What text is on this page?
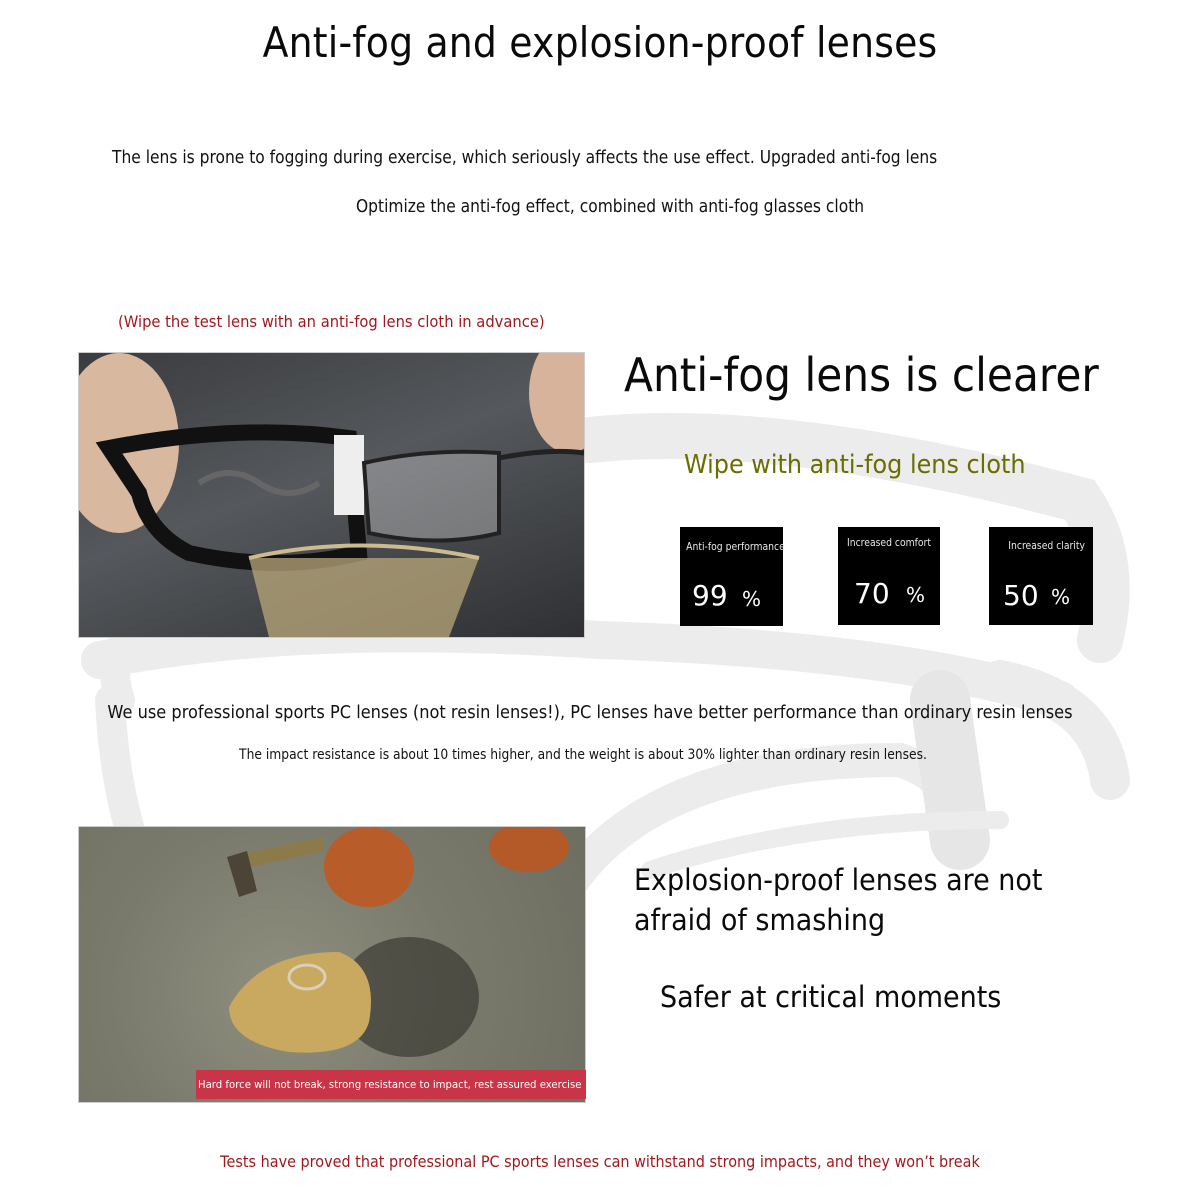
Anti-fog and explosion-proof lenses
The lens is prone to fogging during exercise, which seriously affects the use effect. Upgraded anti-fog lens
Optimize the anti-fog effect, combined with anti-fog glasses cloth
(Wipe the test lens with an anti-fog lens cloth in advance)
Anti-fog lens is clearer
Wipe with anti-fog lens cloth
Anti-fog performance
99 %
Increased comfort
70 %
Increased clarity
50 %
We use professional sports PC lenses (not resin lenses!), PC lenses have better performance than ordinary resin lenses
The impact resistance is about 10 times higher, and the weight is about 30% lighter than ordinary resin lenses.
Hard force will not break, strong resistance to impact, rest assured exercise
Explosion-proof lenses are not afraid of smashing
Safer at critical moments
Tests have proved that professional PC sports lenses can withstand strong impacts, and they won’t break
